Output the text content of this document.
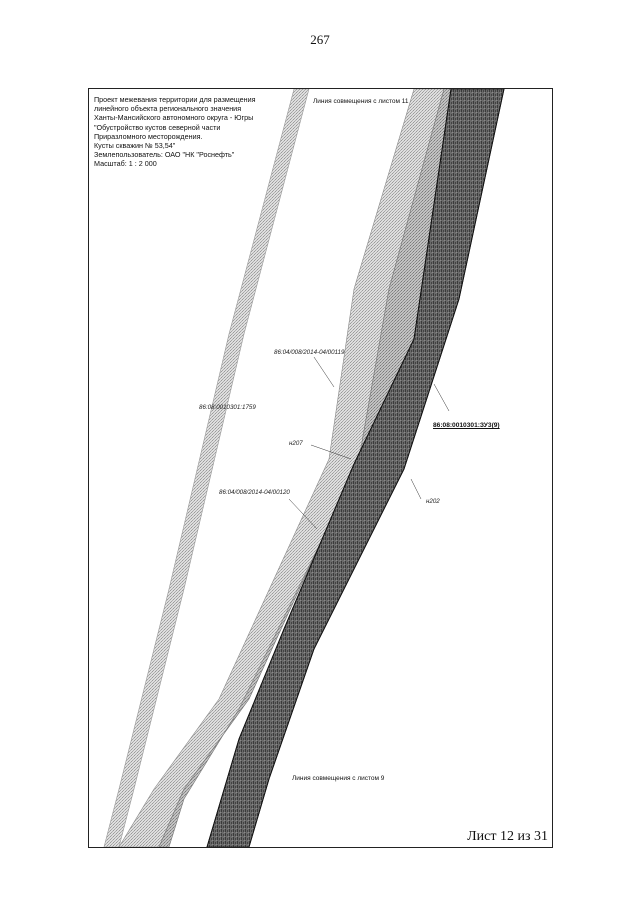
267
Проект межевания территории для размещения
линейного объекта регионального значения
Ханты-Мансийского автономного округа - Югры
"Обустройство кустов северной части
Приразломного месторождения.
Кусты скважин № 53,54"
Землепользователь: ОАО "НК "Роснефть"
Масштаб: 1 : 2 000
Линия совмещения с листом 11
Линия совмещения с листом 9
86:04/008/2014-04/00119
86:08:0010301:1759
86:04/008/2014-04/00120
86:08:0010301:ЗУ3(9)
н207
н202
Лист 12 из 31
